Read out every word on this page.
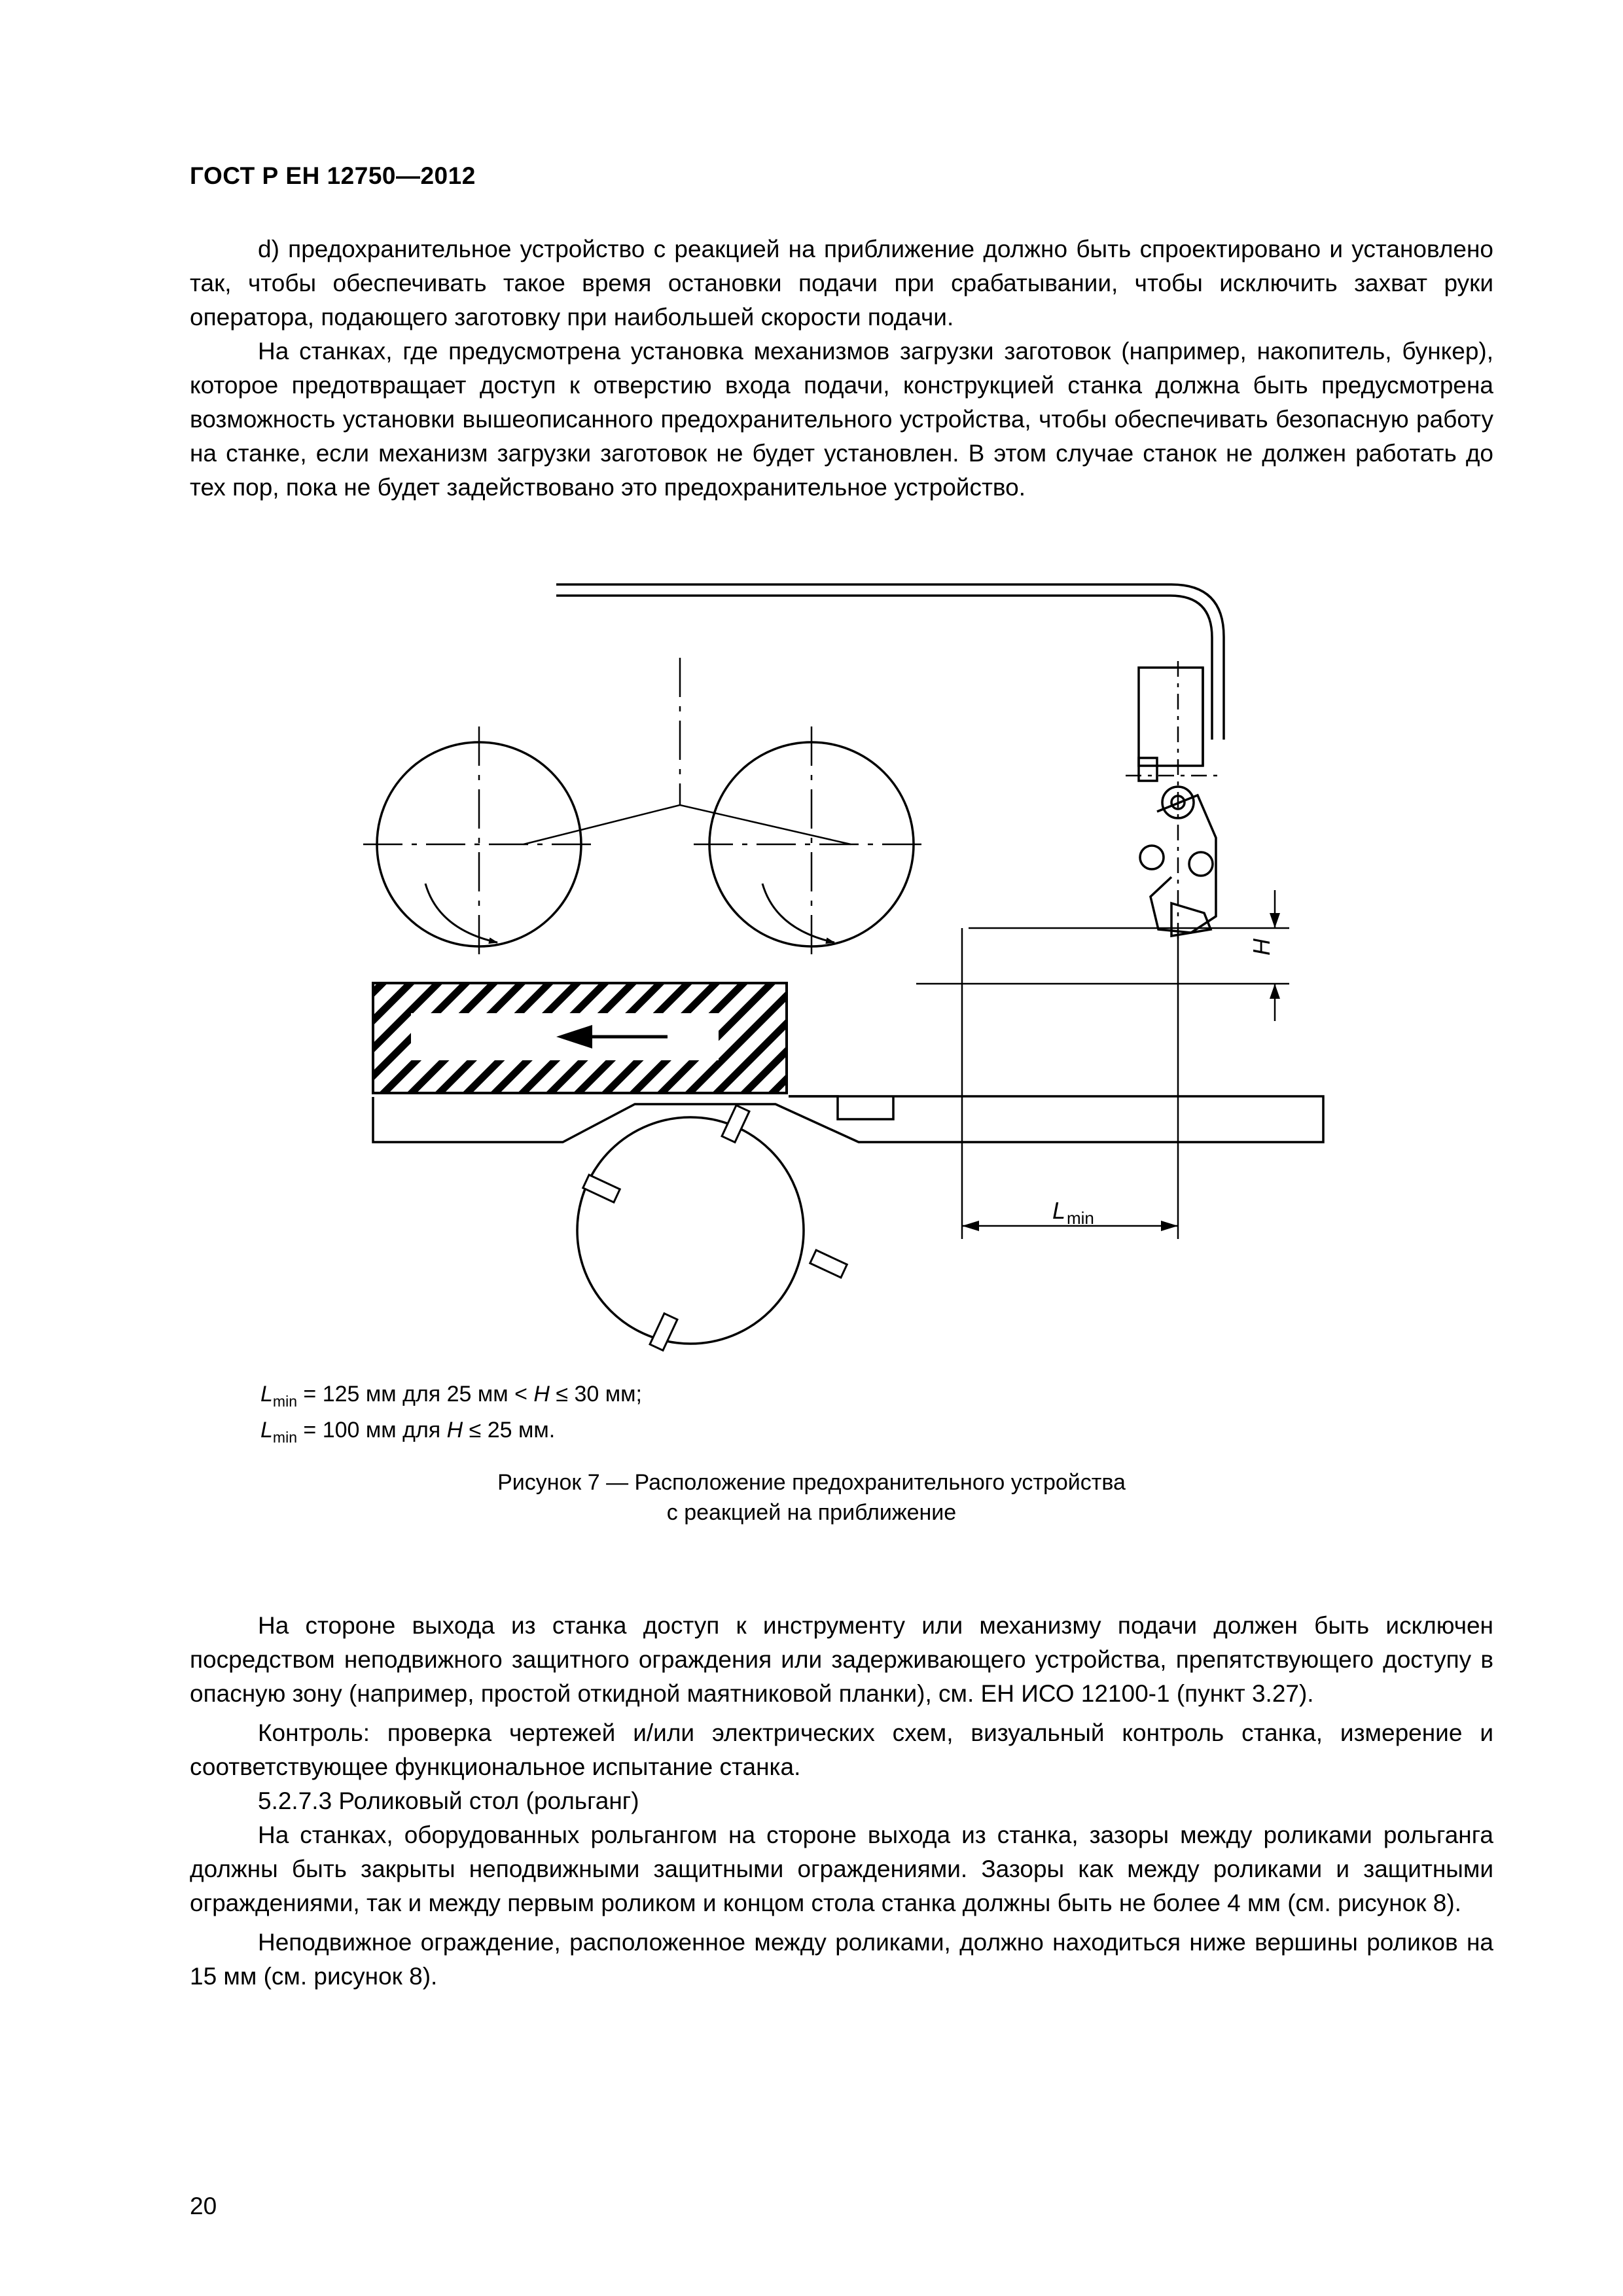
ГОСТ Р ЕН 12750—2012

d) предохранительное устройство с реакцией на приближение должно быть спроектировано и установлено так, чтобы обеспечивать такое время остановки подачи при срабатывании, чтобы исключить захват руки оператора, подающего заготовку при наибольшей скорости подачи.

На станках, где предусмотрена установка механизмов загрузки заготовок (например, накопитель, бункер), которое предотвращает доступ к отверстию входа подачи, конструкцией станка должна быть предусмотрена возможность установки вышеописанного предохранительного устройства, чтобы обеспечивать безопасную работу на станке, если механизм загрузки заготовок не будет установлен. В этом случае станок не должен работать до тех пор, пока не будет задействовано это предохранительное устройство.

H
L min
$L_{min} = 125$ мм для 25 мм < H ≤ 30 мм;
$L_{min} = 100$ мм для H ≤ 25 мм.
Рисунок 7 — Расположение предохранительного устройства
с реакцией на приближение

На стороне выхода из станка доступ к инструменту или механизму подачи должен быть исключен посредством неподвижного защитного ограждения или задерживающего устройства, препятствующего доступу в опасную зону (например, простой откидной маятниковой планки), см. ЕН ИСО 12100-1 (пункт 3.27).

Контроль: проверка чертежей и/или электрических схем, визуальный контроль станка, измерение и соответствующее функциональное испытание станка.

5.2.7.3 Роликовый стол (рольганг)

На станках, оборудованных рольгангом на стороне выхода из станка, зазоры между роликами рольганга должны быть закрыты неподвижными защитными ограждениями. Зазоры как между роликами и защитными ограждениями, так и между первым роликом и концом стола станка должны быть не более 4 мм (см. рисунок 8).

Неподвижное ограждение, расположенное между роликами, должно находиться ниже вершины роликов на 15 мм (см. рисунок 8).

20
